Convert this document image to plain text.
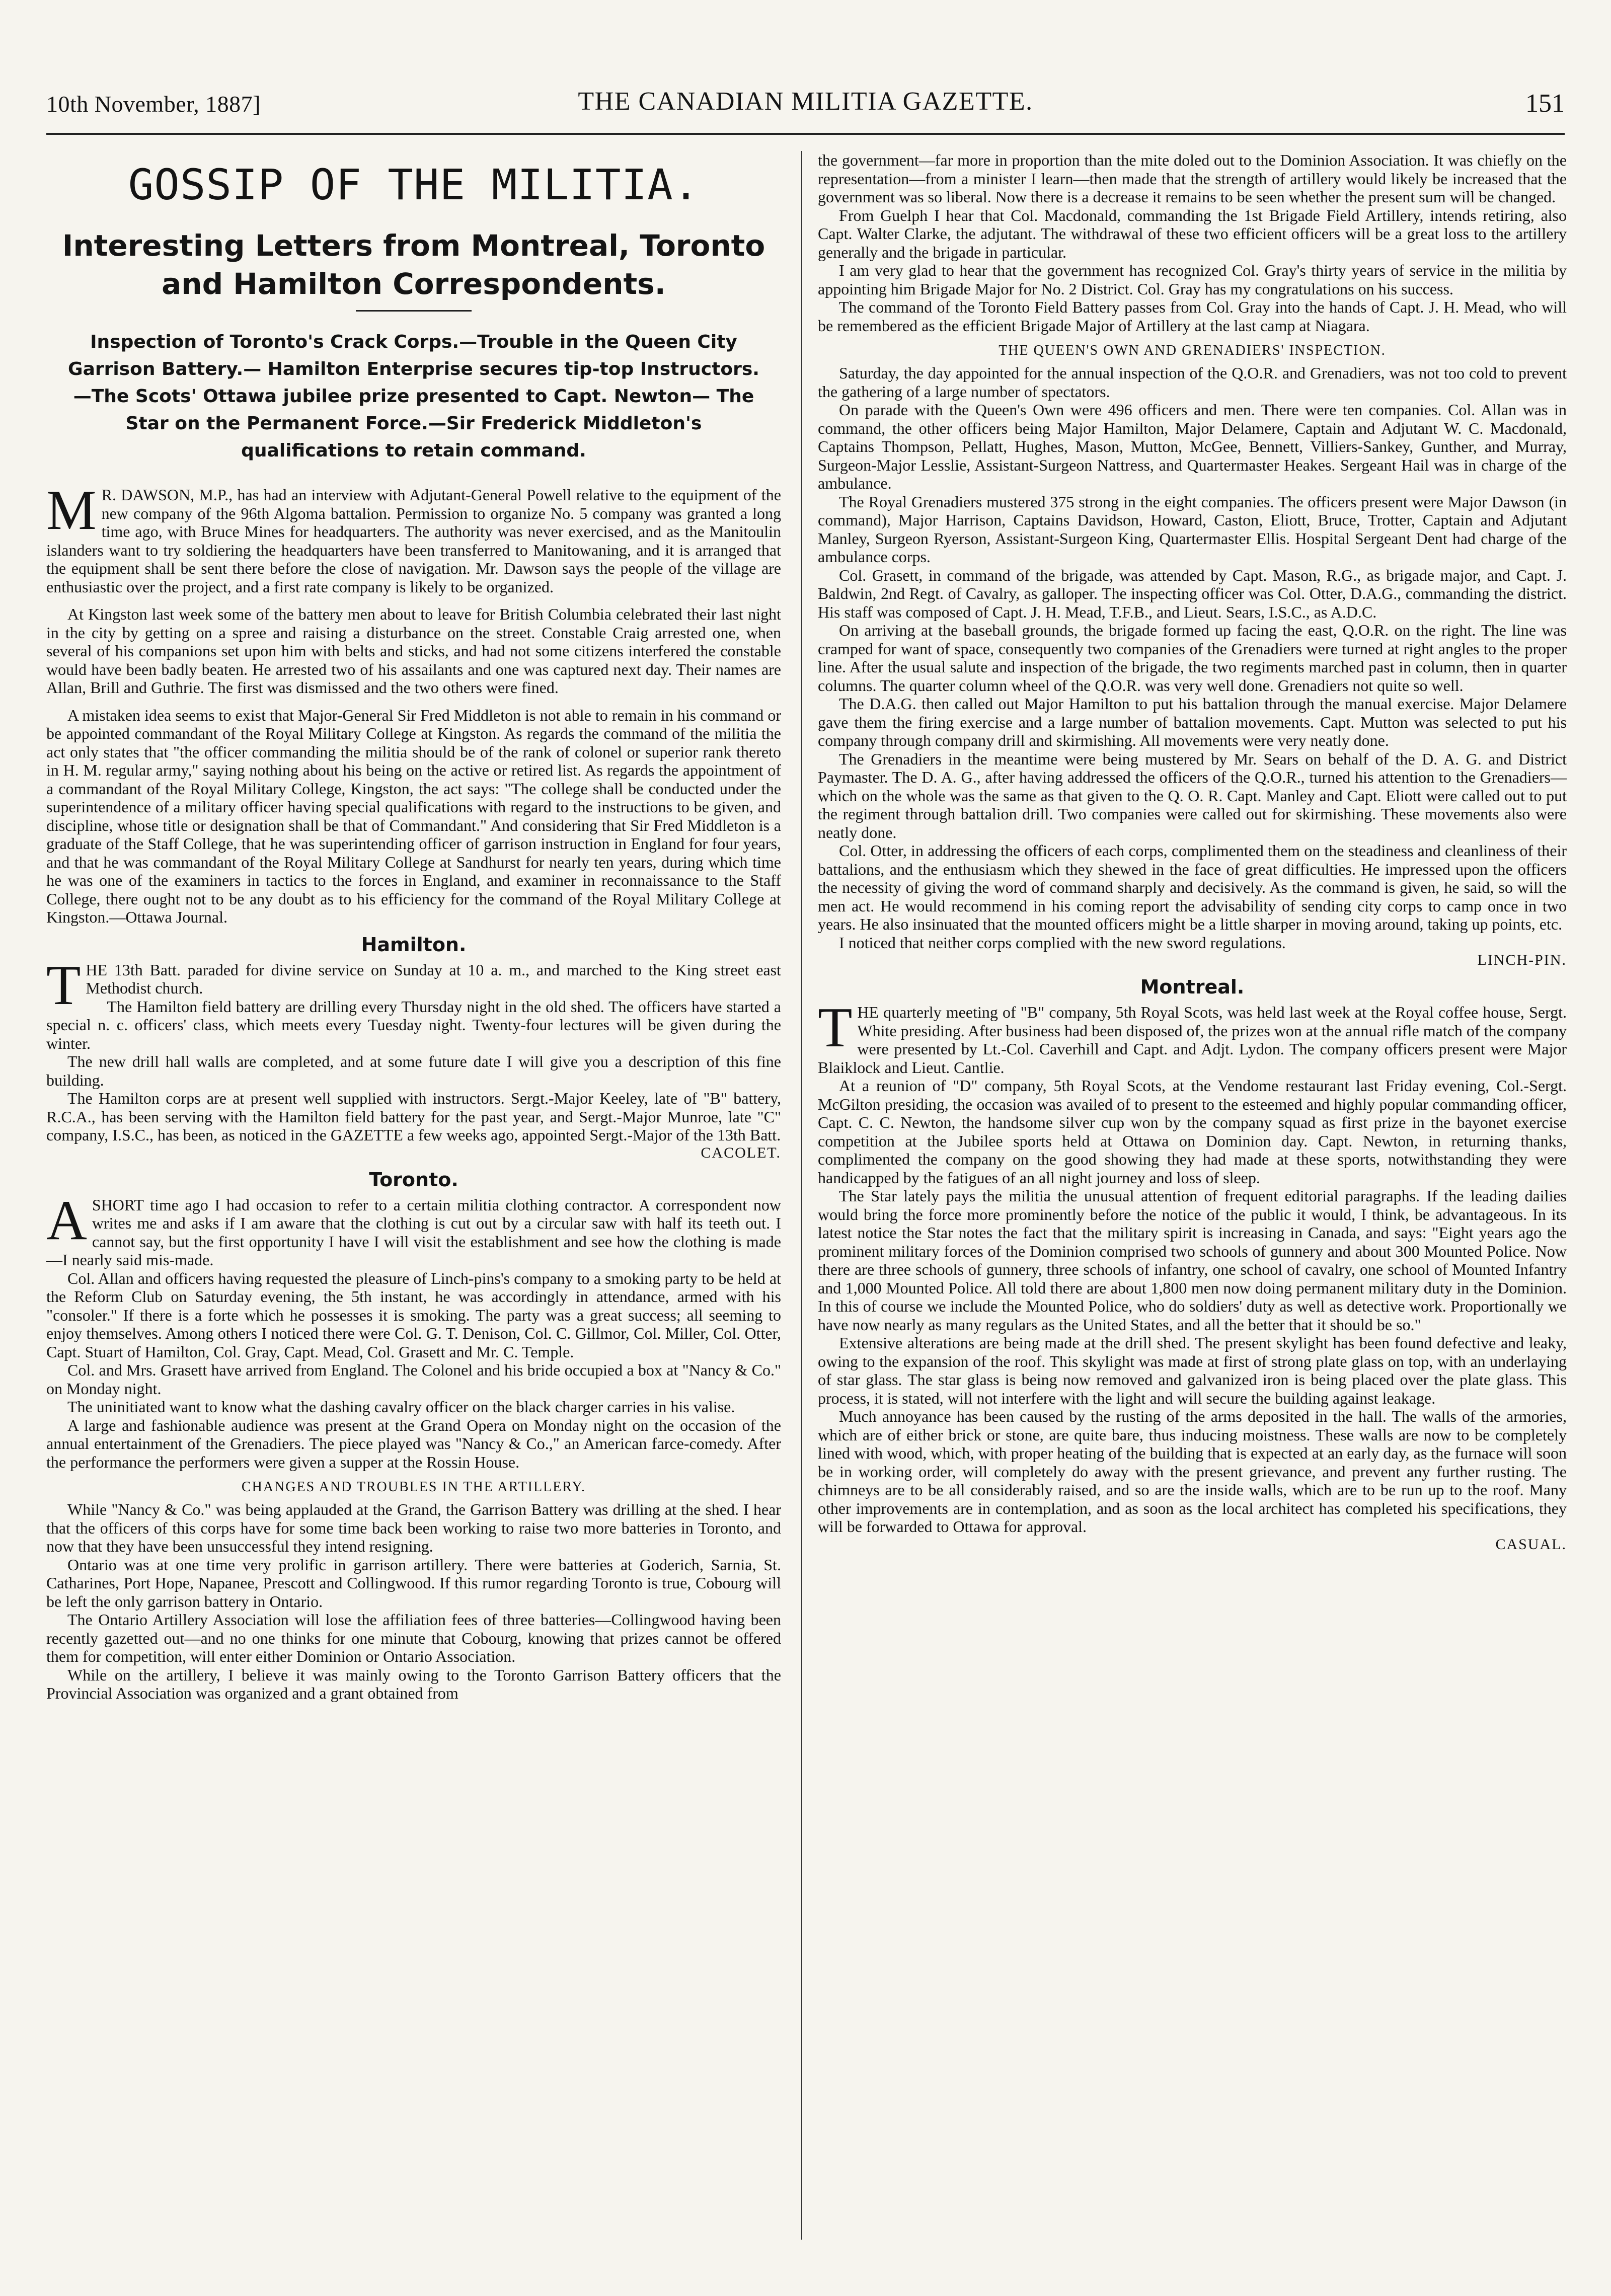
10th November, 1887]	THE CANADIAN MILITIA GAZETTE.	151
GOSSIP OF THE MILITIA.
Interesting Letters from Montreal, Toronto and Hamilton Correspondents.
Inspection of Toronto's Crack Corps.—Trouble in the Queen City Garrison Battery.— Hamilton Enterprise secures tip-top Instructors. —The Scots' Ottawa jubilee prize presented to Capt. Newton— The Star on the Permanent Force.—Sir Frederick Middleton's qualifications to retain command.

M R. DAWSON, M.P., has had an interview with Adjutant-General Powell relative to the equipment of the new company of the 96th Algoma battalion. Permission to organize No. 5 company was granted a long time ago, with Bruce Mines for headquarters. The authority was never exercised, and as the Manitoulin islanders want to try soldiering the headquarters have been transferred to Manitowaning, and it is arranged that the equipment shall be sent there before the close of navigation. Mr. Dawson says the people of the village are enthusiastic over the project, and a first rate company is likely to be organized.

At Kingston last week some of the battery men about to leave for British Columbia celebrated their last night in the city by getting on a spree and raising a disturbance on the street. Constable Craig arrested one, when several of his companions set upon him with belts and sticks, and had not some citizens interfered the constable would have been badly beaten. He arrested two of his assailants and one was captured next day. Their names are Allan, Brill and Guthrie. The first was dismissed and the two others were fined.

A mistaken idea seems to exist that Major-General Sir Fred Middleton is not able to remain in his command or be appointed commandant of the Royal Military College at Kingston. As regards the command of the militia the act only states that "the officer commanding the militia should be of the rank of colonel or superior rank thereto in H. M. regular army," saying nothing about his being on the active or retired list. As regards the appointment of a commandant of the Royal Military College, Kingston, the act says: "The college shall be conducted under the superintendence of a military officer having special qualifications with regard to the instructions to be given, and discipline, whose title or designation shall be that of Commandant." And considering that Sir Fred Middleton is a graduate of the Staff College, that he was superintending officer of garrison instruction in England for four years, and that he was commandant of the Royal Military College at Sandhurst for nearly ten years, during which time he was one of the examiners in tactics to the forces in England, and examiner in reconnaissance to the Staff College, there ought not to be any doubt as to his efficiency for the command of the Royal Military College at Kingston.—Ottawa Journal.

Hamilton.

THE 13th Batt. paraded for divine service on Sunday at 10 a. m., and marched to the King street east Methodist church.

The Hamilton field battery are drilling every Thursday night in the old shed. The officers have started a special n. c. officers' class, which meets every Tuesday night. Twenty-four lectures will be given during the winter.

The new drill hall walls are completed, and at some future date I will give you a description of this fine building.

The Hamilton corps are at present well supplied with instructors. Sergt.-Major Keeley, late of "B" battery, R.C.A., has been serving with the Hamilton field battery for the past year, and Sergt.-Major Munroe, late "C" company, I.S.C., has been, as noticed in the GAZETTE a few weeks ago, appointed Sergt.-Major of the 13th Batt.

CACOLET.
Toronto.

ASHORT time ago I had occasion to refer to a certain militia clothing contractor. A correspondent now writes me and asks if I am aware that the clothing is cut out by a circular saw with half its teeth out. I cannot say, but the first opportunity I have I will visit the establishment and see how the clothing is made—I nearly said mis-made.

Col. Allan and officers having requested the pleasure of Linch-pins's company to a smoking party to be held at the Reform Club on Saturday evening, the 5th instant, he was accordingly in attendance, armed with his "consoler." If there is a forte which he possesses it is smoking. The party was a great success; all seeming to enjoy themselves. Among others I noticed there were Col. G. T. Denison, Col. C. Gillmor, Col. Miller, Col. Otter, Capt. Stuart of Hamilton, Col. Gray, Capt. Mead, Col. Grasett and Mr. C. Temple.

Col. and Mrs. Grasett have arrived from England. The Colonel and his bride occupied a box at "Nancy & Co." on Monday night.

The uninitiated want to know what the dashing cavalry officer on the black charger carries in his valise.

A large and fashionable audience was present at the Grand Opera on Monday night on the occasion of the annual entertainment of the Grenadiers. The piece played was "Nancy & Co.," an American farce-comedy. After the performance the performers were given a supper at the Rossin House.

CHANGES AND TROUBLES IN THE ARTILLERY.

While "Nancy & Co." was being applauded at the Grand, the Garrison Battery was drilling at the shed. I hear that the officers of this corps have for some time back been working to raise two more batteries in Toronto, and now that they have been unsuccessful they intend resigning.

Ontario was at one time very prolific in garrison artillery. There were batteries at Goderich, Sarnia, St. Catharines, Port Hope, Napanee, Prescott and Collingwood. If this rumor regarding Toronto is true, Cobourg will be left the only garrison battery in Ontario.

The Ontario Artillery Association will lose the affiliation fees of three batteries—Collingwood having been recently gazetted out—and no one thinks for one minute that Cobourg, knowing that prizes cannot be offered them for competition, will enter either Dominion or Ontario Association.

While on the artillery, I believe it was mainly owing to the Toronto Garrison Battery officers that the Provincial Association was organized and a grant obtained from

the government—far more in proportion than the mite doled out to the Dominion Association. It was chiefly on the representation—from a minister I learn—then made that the strength of artillery would likely be increased that the government was so liberal. Now there is a decrease it remains to be seen whether the present sum will be changed.

From Guelph I hear that Col. Macdonald, commanding the 1st Brigade Field Artillery, intends retiring, also Capt. Walter Clarke, the adjutant. The withdrawal of these two efficient officers will be a great loss to the artillery generally and the brigade in particular.

I am very glad to hear that the government has recognized Col. Gray's thirty years of service in the militia by appointing him Brigade Major for No. 2 District. Col. Gray has my congratulations on his success.

The command of the Toronto Field Battery passes from Col. Gray into the hands of Capt. J. H. Mead, who will be remembered as the efficient Brigade Major of Artillery at the last camp at Niagara.

THE QUEEN'S OWN AND GRENADIERS' INSPECTION.

Saturday, the day appointed for the annual inspection of the Q.O.R. and Grenadiers, was not too cold to prevent the gathering of a large number of spectators.

On parade with the Queen's Own were 496 officers and men. There were ten companies. Col. Allan was in command, the other officers being Major Hamilton, Major Delamere, Captain and Adjutant W. C. Macdonald, Captains Thompson, Pellatt, Hughes, Mason, Mutton, McGee, Bennett, Villiers-Sankey, Gunther, and Murray, Surgeon-Major Lesslie, Assistant-Surgeon Nattress, and Quartermaster Heakes. Sergeant Hail was in charge of the ambulance.

The Royal Grenadiers mustered 375 strong in the eight companies. The officers present were Major Dawson (in command), Major Harrison, Captains Davidson, Howard, Caston, Eliott, Bruce, Trotter, Captain and Adjutant Manley, Surgeon Ryerson, Assistant-Surgeon King, Quartermaster Ellis. Hospital Sergeant Dent had charge of the ambulance corps.

Col. Grasett, in command of the brigade, was attended by Capt. Mason, R.G., as brigade major, and Capt. J. Baldwin, 2nd Regt. of Cavalry, as galloper. The inspecting officer was Col. Otter, D.A.G., commanding the district. His staff was composed of Capt. J. H. Mead, T.F.B., and Lieut. Sears, I.S.C., as A.D.C.

On arriving at the baseball grounds, the brigade formed up facing the east, Q.O.R. on the right. The line was cramped for want of space, consequently two companies of the Grenadiers were turned at right angles to the proper line. After the usual salute and inspection of the brigade, the two regiments marched past in column, then in quarter columns. The quarter column wheel of the Q.O.R. was very well done. Grenadiers not quite so well.

The D.A.G. then called out Major Hamilton to put his battalion through the manual exercise. Major Delamere gave them the firing exercise and a large number of battalion movements. Capt. Mutton was selected to put his company through company drill and skirmishing. All movements were very neatly done.

The Grenadiers in the meantime were being mustered by Mr. Sears on behalf of the D. A. G. and District Paymaster. The D. A. G., after having addressed the officers of the Q.O.R., turned his attention to the Grenadiers—which on the whole was the same as that given to the Q. O. R. Capt. Manley and Capt. Eliott were called out to put the regiment through battalion drill. Two companies were called out for skirmishing. These movements also were neatly done.

Col. Otter, in addressing the officers of each corps, complimented them on the steadiness and cleanliness of their battalions, and the enthusiasm which they shewed in the face of great difficulties. He impressed upon the officers the necessity of giving the word of command sharply and decisively. As the command is given, he said, so will the men act. He would recommend in his coming report the advisability of sending city corps to camp once in two years. He also insinuated that the mounted officers might be a little sharper in moving around, taking up points, etc.

I noticed that neither corps complied with the new sword regulations.

LINCH-PIN.
Montreal.

THE quarterly meeting of "B" company, 5th Royal Scots, was held last week at the Royal coffee house, Sergt. White presiding. After business had been disposed of, the prizes won at the annual rifle match of the company were presented by Lt.-Col. Caverhill and Capt. and Adjt. Lydon. The company officers present were Major Blaiklock and Lieut. Cantlie.

At a reunion of "D" company, 5th Royal Scots, at the Vendome restaurant last Friday evening, Col.-Sergt. McGilton presiding, the occasion was availed of to present to the esteemed and highly popular commanding officer, Capt. C. C. Newton, the handsome silver cup won by the company squad as first prize in the bayonet exercise competition at the Jubilee sports held at Ottawa on Dominion day. Capt. Newton, in returning thanks, complimented the company on the good showing they had made at these sports, notwithstanding they were handicapped by the fatigues of an all night journey and loss of sleep.

The Star lately pays the militia the unusual attention of frequent editorial paragraphs. If the leading dailies would bring the force more prominently before the notice of the public it would, I think, be advantageous. In its latest notice the Star notes the fact that the military spirit is increasing in Canada, and says: "Eight years ago the prominent military forces of the Dominion comprised two schools of gunnery and about 300 Mounted Police. Now there are three schools of gunnery, three schools of infantry, one school of cavalry, one school of Mounted Infantry and 1,000 Mounted Police. All told there are about 1,800 men now doing permanent military duty in the Dominion. In this of course we include the Mounted Police, who do soldiers' duty as well as detective work. Proportionally we have now nearly as many regulars as the United States, and all the better that it should be so."

Extensive alterations are being made at the drill shed. The present skylight has been found defective and leaky, owing to the expansion of the roof. This skylight was made at first of strong plate glass on top, with an underlaying of star glass. The star glass is being now removed and galvanized iron is being placed over the plate glass. This process, it is stated, will not interfere with the light and will secure the building against leakage.

Much annoyance has been caused by the rusting of the arms deposited in the hall. The walls of the armories, which are of either brick or stone, are quite bare, thus inducing moistness. These walls are now to be completely lined with wood, which, with proper heating of the building that is expected at an early day, as the furnace will soon be in working order, will completely do away with the present grievance, and prevent any further rusting. The chimneys are to be all considerably raised, and so are the inside walls, which are to be run up to the roof. Many other improvements are in contemplation, and as soon as the local architect has completed his specifications, they will be forwarded to Ottawa for approval.

CASUAL.
